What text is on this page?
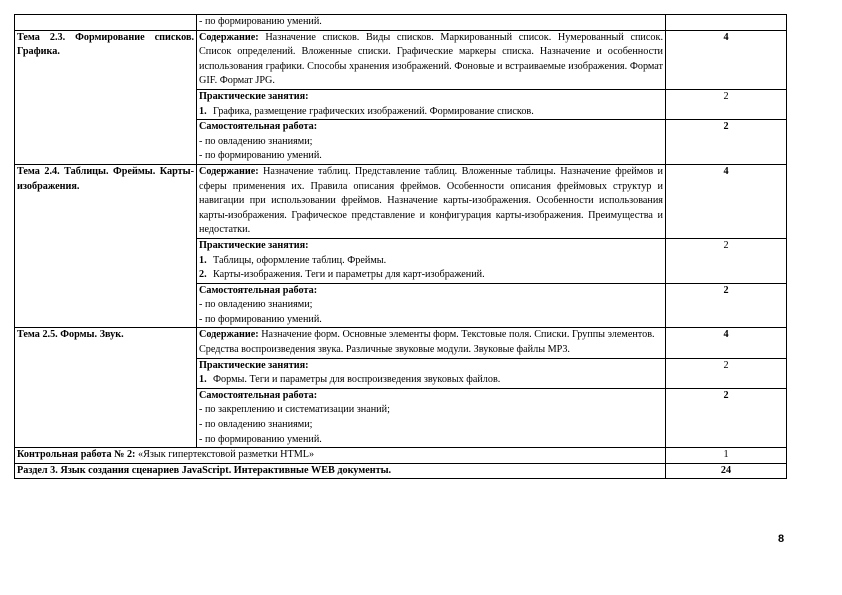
	- по формированию умений.	

Тема 2.3. Формирование списков. Графика.	Содержание: Назначение списков. Виды списков. Маркированный список. Нумерованный список. Список определений. Вложенные списки. Графические маркеры списка. Назначение и особенности использования графики. Способы хранения изображений. Фоновые и встраиваемые изображения. Формат GIF. Формат JPG.	4

	Практические занятия:
1. Графика, размещение графических изображений. Формирование списков.	2

	Самостоятельная работа:
- по овладению знаниями;
- по формированию умений.	2
Тема 2.4. Таблицы. Фреймы. Карты-изображения.	Содержание: Назначение таблиц. Представление таблиц. Вложенные таблицы. Назначение фреймов и сферы применения их. Правила описания фреймов. Особенности описания фреймовых структур и навигации при использовании фреймов. Назначение карты-изображения. Особенности использования карты-изображения. Графическое представление и конфигурация карты-изображения. Преимущества и недостатки.	4

	Практические занятия:
1. Таблицы, оформление таблиц. Фреймы.
2. Карты-изображения. Теги и параметры для карт-изображений.	2

	Самостоятельная работа:
- по овладению знаниями;
- по формированию умений.	2
Тема 2.5. Формы. Звук.	Содержание: Назначение форм. Основные элементы форм. Текстовые поля. Списки. Группы элементов. Средства воспроизведения звука. Различные звуковые модули. Звуковые файлы MP3.	4

	Практические занятия:
1. Формы. Теги и параметры для воспроизведения звуковых файлов.	2

	Самостоятельная работа:
- по закреплению и систематизации знаний;
- по овладению знаниями;
- по формированию умений.	2
Контрольная работа № 2: «Язык гипертекстовой разметки HTML»		1
Раздел 3. Язык создания сценариев JavaScript. Интерактивные WEB документы.		24
8
